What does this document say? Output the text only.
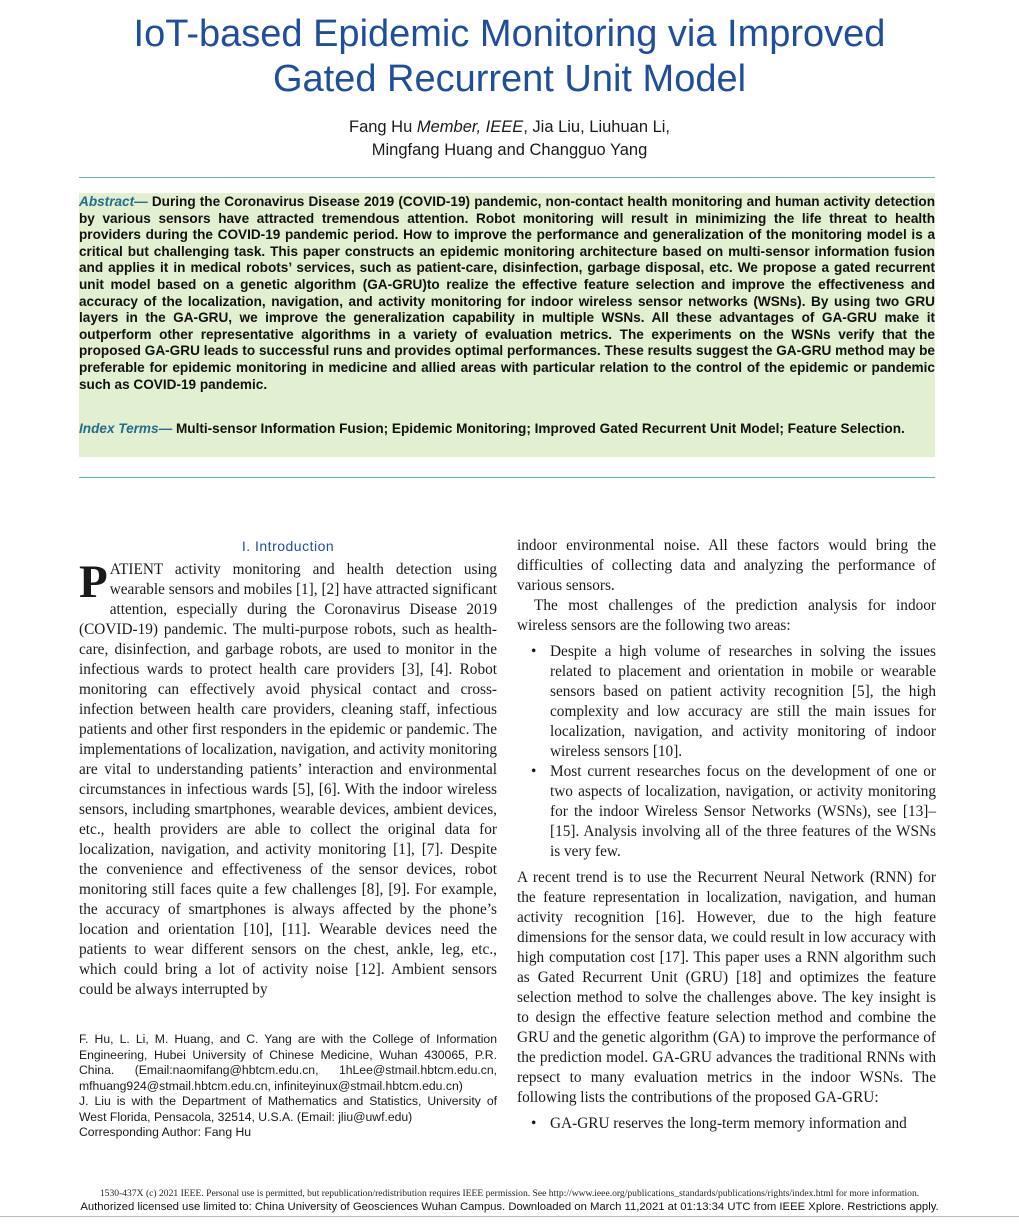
IoT-based Epidemic Monitoring via Improved
Gated Recurrent Unit Model
Fang Hu Member, IEEE, Jia Liu, Liuhuan Li,
Mingfang Huang and Changguo Yang
Abstract— During the Coronavirus Disease 2019 (COVID-19) pandemic, non-contact health monitoring and human activity detection by various sensors have attracted tremendous attention. Robot monitoring will result in minimizing the life threat to health providers during the COVID-19 pandemic period. How to improve the performance and generalization of the monitoring model is a critical but challenging task. This paper constructs an epidemic monitoring architecture based on multi-sensor information fusion and applies it in medical robots’ services, such as patient-care, disinfection, garbage disposal, etc. We propose a gated recurrent unit model based on a genetic algorithm (GA-GRU)to realize the effective feature selection and improve the effectiveness and accuracy of the localization, navigation, and activity monitoring for indoor wireless sensor networks (WSNs). By using two GRU layers in the GA-GRU, we improve the generalization capability in multiple WSNs. All these advantages of GA-GRU make it outperform other representative algorithms in a variety of evaluation metrics. The experiments on the WSNs verify that the proposed GA-GRU leads to successful runs and provides optimal performances. These results suggest the GA-GRU method may be preferable for epidemic monitoring in medicine and allied areas with particular relation to the control of the epidemic or pandemic such as COVID-19 pandemic.
Index Terms— Multi-sensor Information Fusion; Epidemic Monitoring; Improved Gated Recurrent Unit Model; Feature Selection.
I. Introduction

PATIENT activity monitoring and health detection using wearable sensors and mobiles [1], [2] have attracted significant attention, especially during the Coronavirus Disease 2019 (COVID-19) pandemic. The multi-purpose robots, such as health-care, disinfection, and garbage robots, are used to monitor in the infectious wards to protect health care providers [3], [4]. Robot monitoring can effectively avoid physical contact and cross-infection between health care providers, cleaning staff, infectious patients and other first responders in the epidemic or pandemic. The implementations of localization, navigation, and activity monitoring are vital to understanding patients’ interaction and environmental circumstances in infectious wards [5], [6]. With the indoor wireless sensors, including smartphones, wearable devices, ambient devices, etc., health providers are able to collect the original data for localization, navigation, and activity monitoring [1], [7]. Despite the convenience and effectiveness of the sensor devices, robot monitoring still faces quite a few challenges [8], [9]. For example, the accuracy of smartphones is always affected by the phone’s location and orientation [10], [11]. Wearable devices need the patients to wear different sensors on the chest, ankle, leg, etc., which could bring a lot of activity noise [12]. Ambient sensors could be always interrupted by

F. Hu, L. Li, M. Huang, and C. Yang are with the College of Information Engineering, Hubei University of Chinese Medicine, Wuhan 430065, P.R. China. (Email:naomifang@hbtcm.edu.cn, 1hLee@stmail.hbtcm.edu.cn, mfhuang924@stmail.hbtcm.edu.cn, infiniteyinux@stmail.hbtcm.edu.cn)

J. Liu is with the Department of Mathematics and Statistics, University of West Florida, Pensacola, 32514, U.S.A. (Email: jliu@uwf.edu)

Corresponding Author: Fang Hu

indoor environmental noise. All these factors would bring the difficulties of collecting data and analyzing the performance of various sensors.

The most challenges of the prediction analysis for indoor wireless sensors are the following two areas:

• Despite a high volume of researches in solving the issues related to placement and orientation in mobile or wearable sensors based on patient activity recognition [5], the high complexity and low accuracy are still the main issues for localization, navigation, and activity monitoring of indoor wireless sensors [10].
• Most current researches focus on the development of one or two aspects of localization, navigation, or activity monitoring for the indoor Wireless Sensor Networks (WSNs), see [13]–[15]. Analysis involving all of the three features of the WSNs is very few.

A recent trend is to use the Recurrent Neural Network (RNN) for the feature representation in localization, navigation, and human activity recognition [16]. However, due to the high feature dimensions for the sensor data, we could result in low accuracy with high computation cost [17]. This paper uses a RNN algorithm such as Gated Recurrent Unit (GRU) [18] and optimizes the feature selection method to solve the challenges above. The key insight is to design the effective feature selection method and combine the GRU and the genetic algorithm (GA) to improve the performance of the prediction model. GA-GRU advances the traditional RNNs with repsect to many evaluation metrics in the indoor WSNs. The following lists the contributions of the proposed GA-GRU:

• GA-GRU reserves the long-term memory information and
1530-437X (c) 2021 IEEE. Personal use is permitted, but republication/redistribution requires IEEE permission. See http://www.ieee.org/publications_standards/publications/rights/index.html for more information.
Authorized licensed use limited to: China University of Geosciences Wuhan Campus. Downloaded on March 11,2021 at 01:13:34 UTC from IEEE Xplore. Restrictions apply.
